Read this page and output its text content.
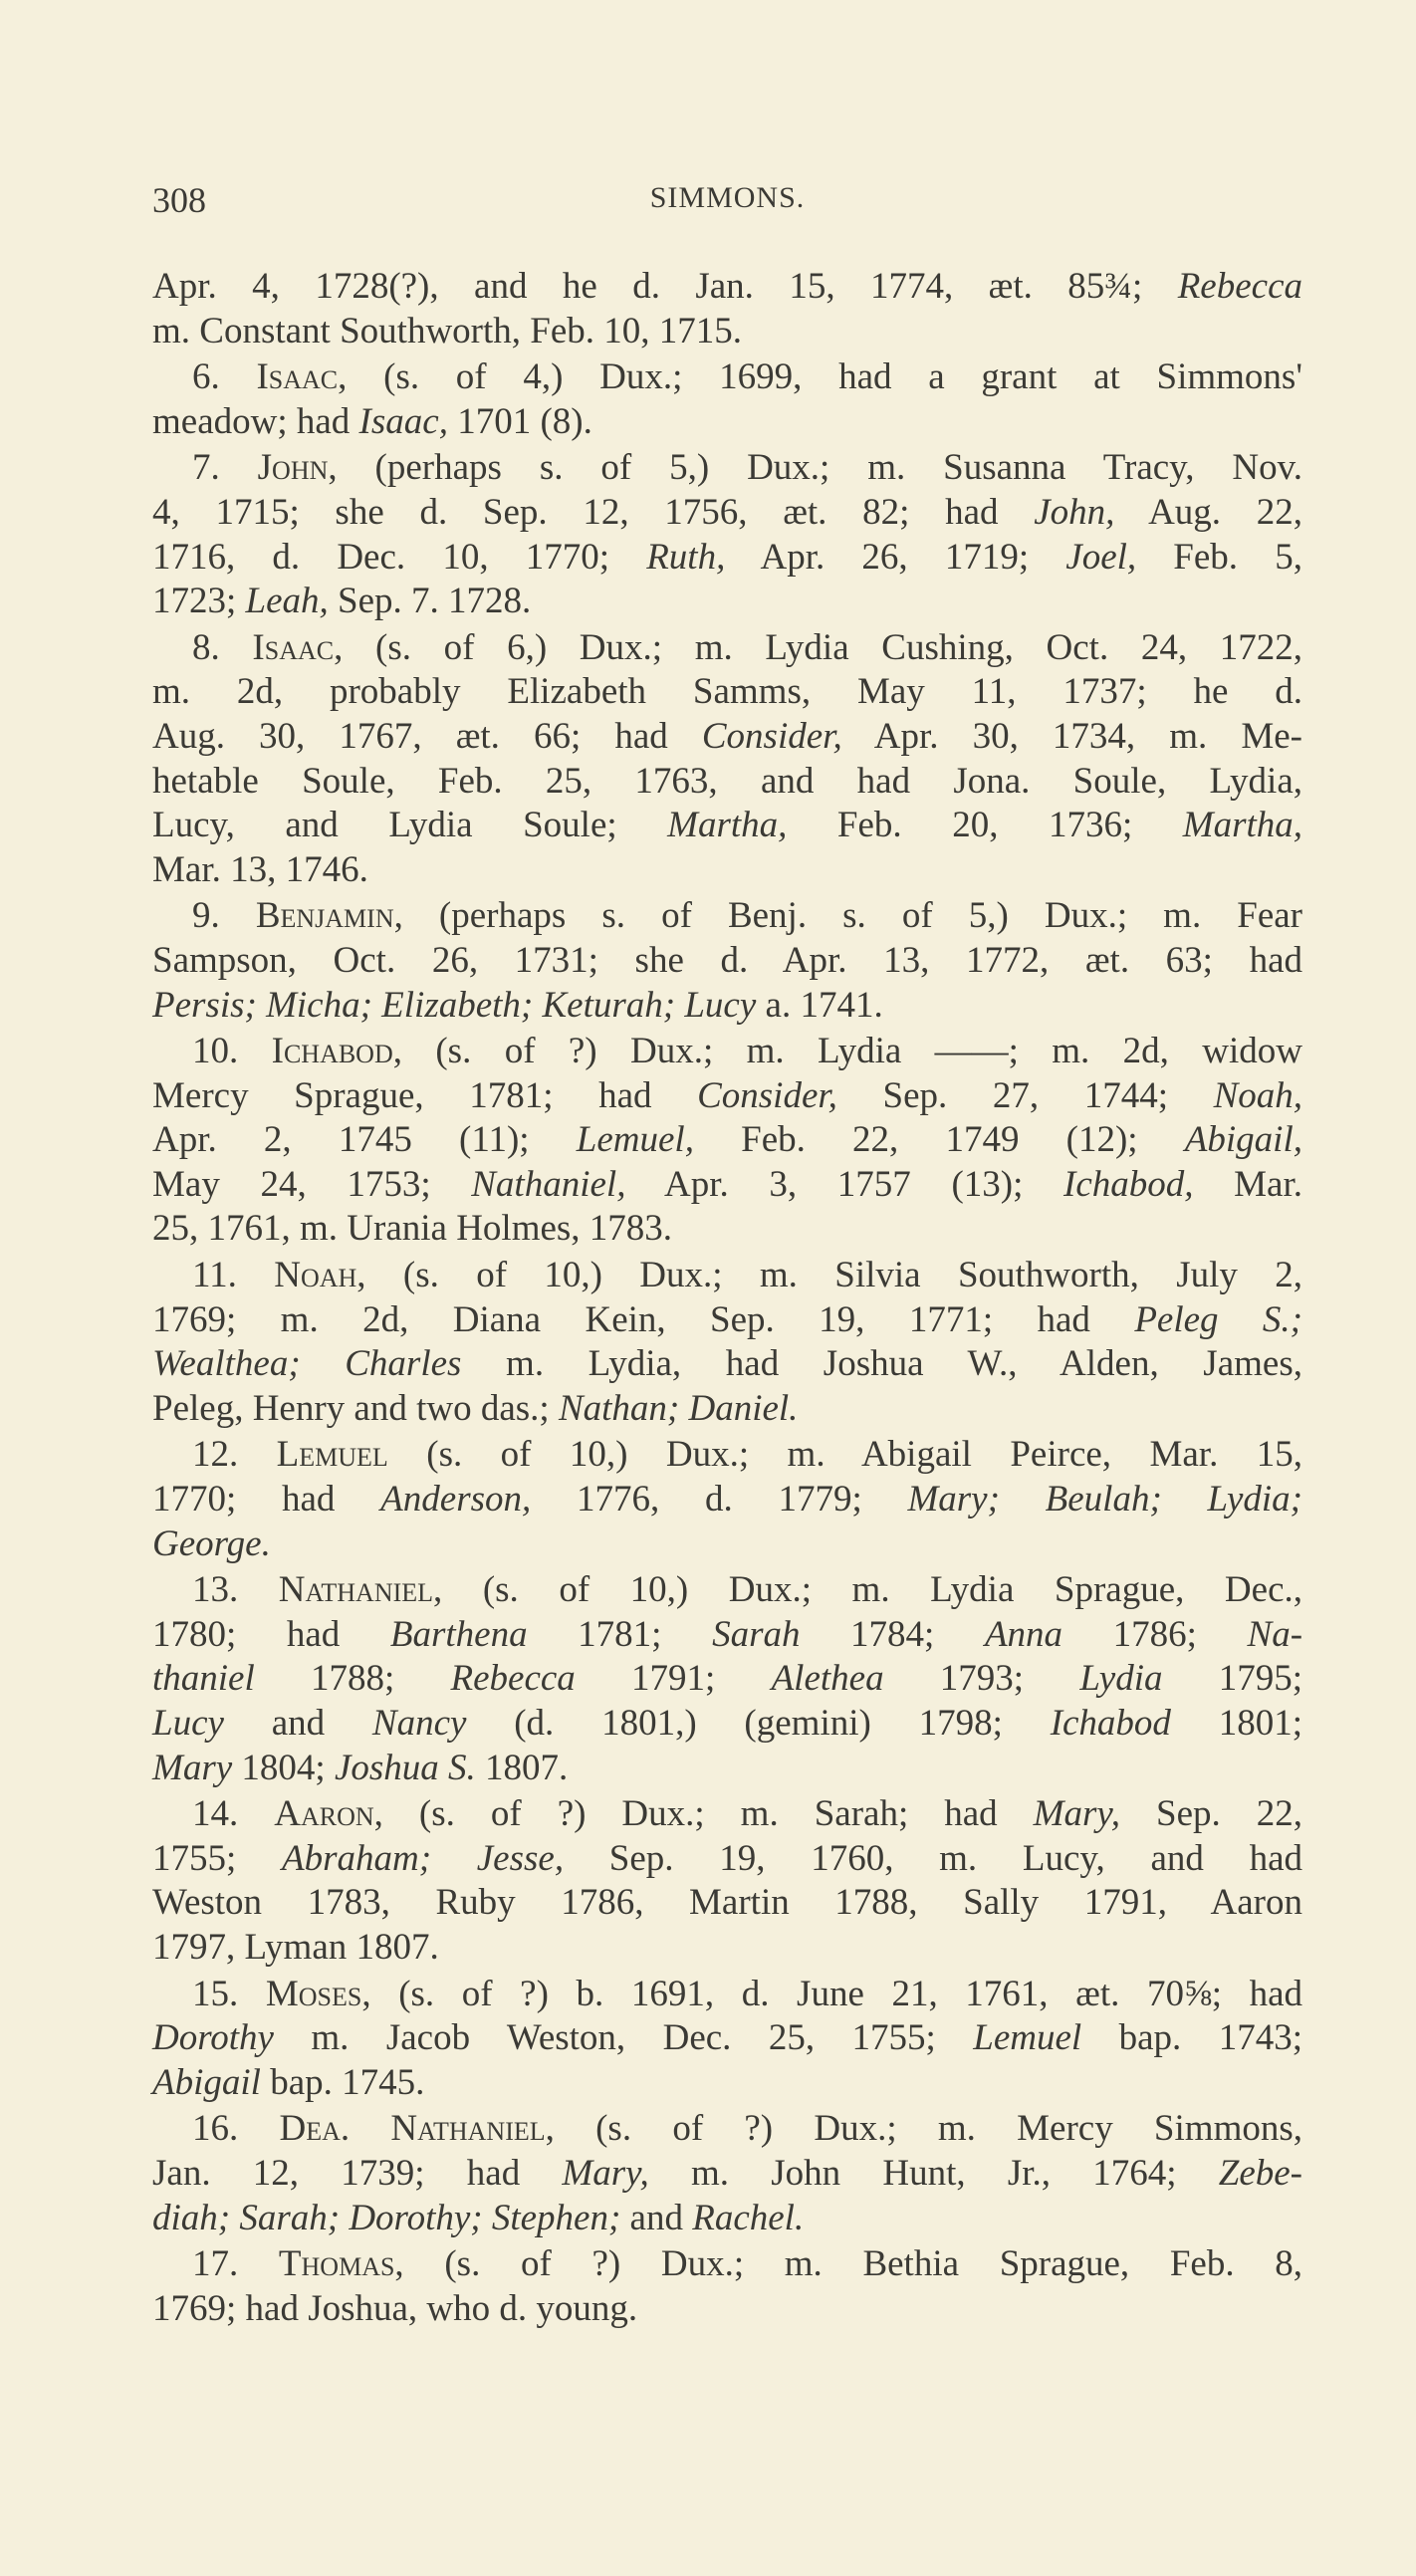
308	SIMMONS.
Apr. 4, 1728(?), and he d. Jan. 15, 1774, æt. 85¾; Rebecca
m. Constant Southworth, Feb. 10, 1715.
6. Isaac, (s. of 4,) Dux.; 1699, had a grant at Simmons'
meadow; had Isaac, 1701 (8).
7. John, (perhaps s. of 5,) Dux.; m. Susanna Tracy, Nov.
4, 1715; she d. Sep. 12, 1756, æt. 82; had John, Aug. 22,
1716, d. Dec. 10, 1770; Ruth, Apr. 26, 1719; Joel, Feb. 5,
1723; Leah, Sep. 7. 1728.
8. Isaac, (s. of 6,) Dux.; m. Lydia Cushing, Oct. 24, 1722,
m. 2d, probably Elizabeth Samms, May 11, 1737; he d.
Aug. 30, 1767, æt. 66; had Consider, Apr. 30, 1734, m. Me-
hetable Soule, Feb. 25, 1763, and had Jona. Soule, Lydia,
Lucy, and Lydia Soule; Martha, Feb. 20, 1736; Martha,
Mar. 13, 1746.
9. Benjamin, (perhaps s. of Benj. s. of 5,) Dux.; m. Fear
Sampson, Oct. 26, 1731; she d. Apr. 13, 1772, æt. 63; had
Persis; Micha; Elizabeth; Keturah; Lucy a. 1741.
10. Ichabod, (s. of ?) Dux.; m. Lydia ——; m. 2d, widow
Mercy Sprague, 1781; had Consider, Sep. 27, 1744; Noah,
Apr. 2, 1745 (11); Lemuel, Feb. 22, 1749 (12); Abigail,
May 24, 1753; Nathaniel, Apr. 3, 1757 (13); Ichabod, Mar.
25, 1761, m. Urania Holmes, 1783.
11. Noah, (s. of 10,) Dux.; m. Silvia Southworth, July 2,
1769; m. 2d, Diana Kein, Sep. 19, 1771; had Peleg S.;
Wealthea; Charles m. Lydia, had Joshua W., Alden, James,
Peleg, Henry and two das.; Nathan; Daniel.
12. Lemuel (s. of 10,) Dux.; m. Abigail Peirce, Mar. 15,
1770; had Anderson, 1776, d. 1779; Mary; Beulah; Lydia;
George.
13. Nathaniel, (s. of 10,) Dux.; m. Lydia Sprague, Dec.,
1780; had Barthena 1781; Sarah 1784; Anna 1786; Na-
thaniel 1788; Rebecca 1791; Alethea 1793; Lydia 1795;
Lucy and Nancy (d. 1801,) (gemini) 1798; Ichabod 1801;
Mary 1804; Joshua S. 1807.
14. Aaron, (s. of ?) Dux.; m. Sarah; had Mary, Sep. 22,
1755; Abraham; Jesse, Sep. 19, 1760, m. Lucy, and had
Weston 1783, Ruby 1786, Martin 1788, Sally 1791, Aaron
1797, Lyman 1807.
15. Moses, (s. of ?) b. 1691, d. June 21, 1761, æt. 70⅝; had
Dorothy m. Jacob Weston, Dec. 25, 1755; Lemuel bap. 1743;
Abigail bap. 1745.
16. Dea. Nathaniel, (s. of ?) Dux.; m. Mercy Simmons,
Jan. 12, 1739; had Mary, m. John Hunt, Jr., 1764; Zebe-
diah; Sarah; Dorothy; Stephen; and Rachel.
17. Thomas, (s. of ?) Dux.; m. Bethia Sprague, Feb. 8,
1769; had Joshua, who d. young.
